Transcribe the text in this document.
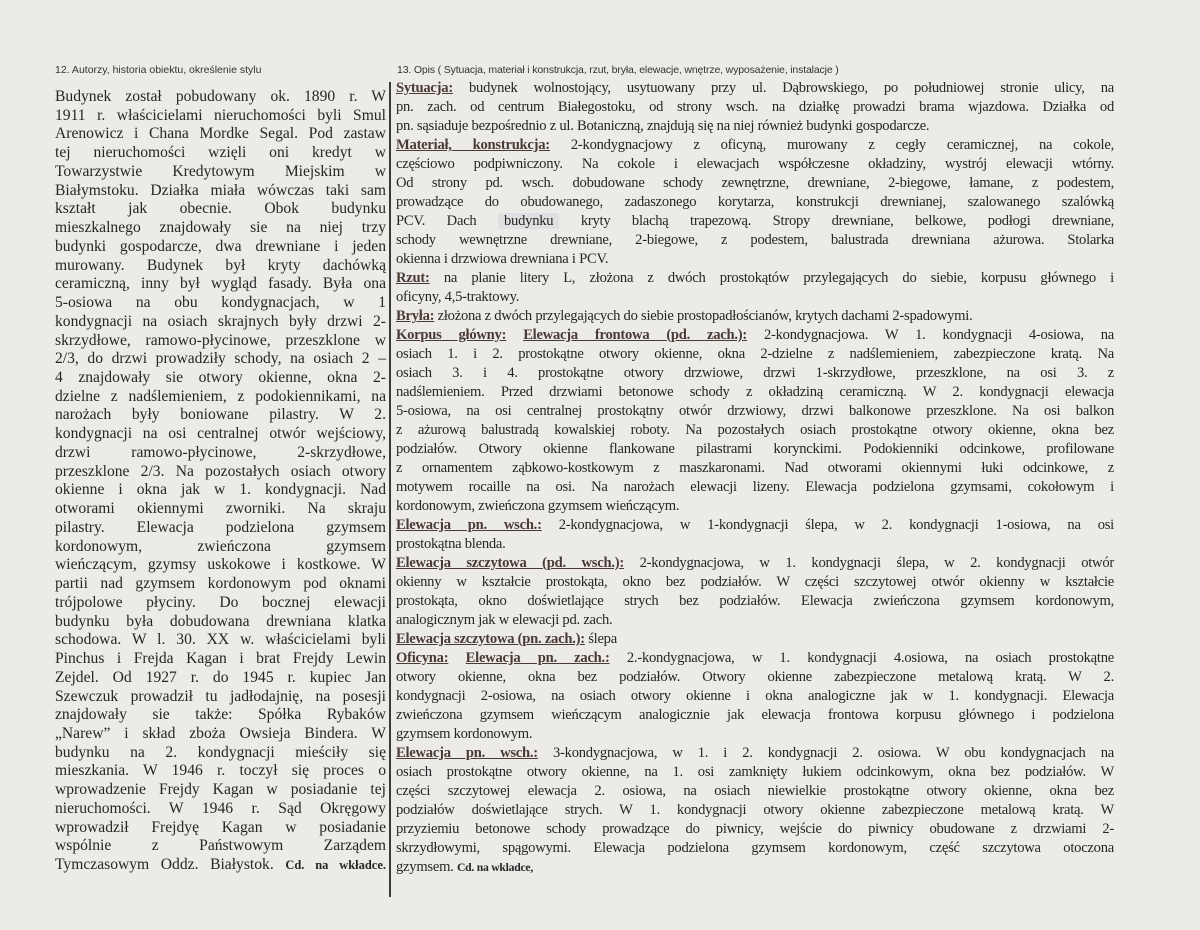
12. Autorzy, historia obiektu, określenie stylu	13. Opis ( Sytuacja, materiał i konstrukcja, rzut, bryła, elewacje, wnętrze, wyposażenie, instalacje )
Budynek został pobudowany ok. 1890 r. W
1911 r. właścicielami nieruchomości byli Smul
Arenowicz i Chana Mordke Segal. Pod zastaw
tej nieruchomości wzięli oni kredyt w
Towarzystwie Kredytowym Miejskim w
Białymstoku. Działka miała wówczas taki sam
kształt jak obecnie. Obok budynku
mieszkalnego znajdowały sie na niej trzy
budynki gospodarcze, dwa drewniane i jeden
murowany. Budynek był kryty dachówką
ceramiczną, inny był wygląd fasady. Była ona
5-osiowa na obu kondygnacjach, w 1
kondygnacji na osiach skrajnych były drzwi 2-
skrzydłowe, ramowo-płycinowe, przeszklone w
2/3, do drzwi prowadziły schody, na osiach 2 –
4 znajdowały sie otwory okienne, okna 2-
dzielne z nadślemieniem, z podokiennikami, na
narożach były boniowane pilastry. W 2.
kondygnacji na osi centralnej otwór wejściowy,
drzwi ramowo-płycinowe, 2-skrzydłowe,
przeszklone 2/3. Na pozostałych osiach otwory
okienne i okna jak w 1. kondygnacji. Nad
otworami okiennymi zworniki. Na skraju
pilastry. Elewacja podzielona gzymsem
kordonowym, zwieńczona gzymsem
wieńczącym, gzymsy uskokowe i kostkowe. W
partii nad gzymsem kordonowym pod oknami
trójpolowe płyciny. Do bocznej elewacji
budynku była dobudowana drewniana klatka
schodowa. W l. 30. XX w. właścicielami byli
Pinchus i Frejda Kagan i brat Frejdy Lewin
Zejdel. Od 1927 r. do 1945 r. kupiec Jan
Szewczuk prowadził tu jadłodajnię, na posesji
znajdowały sie także: Spółka Rybaków
„Narew” i skład zboża Owsieja Bindera. W
budynku na 2. kondygnacji mieściły się
mieszkania. W 1946 r. toczył się proces o
wprowadzenie Frejdy Kagan w posiadanie tej
nieruchomości. W 1946 r. Sąd Okręgowy
wprowadził Frejdyę Kagan w posiadanie
wspólnie z Państwowym Zarządem
Tymczasowym Oddz. Białystok. Cd. na wkładce.
Sytuacja: budynek wolnostojący, usytuowany przy ul. Dąbrowskiego, po południowej stronie ulicy, na
pn. zach. od centrum Białegostoku, od strony wsch. na działkę prowadzi brama wjazdowa. Działka od
pn. sąsiaduje bezpośrednio z ul. Botaniczną, znajdują się na niej również budynki gospodarcze.
Materiał, konstrukcja: 2-kondygnacjowy z oficyną, murowany z cegły ceramicznej, na cokole,
częściowo podpiwniczony. Na cokole i elewacjach współczesne okładziny, wystrój elewacji wtórny.
Od strony pd. wsch. dobudowane schody zewnętrzne, drewniane, 2-biegowe, łamane, z podestem,
prowadzące do obudowanego, zadaszonego korytarza, konstrukcji drewnianej, szalowanego szalówką
PCV. Dach budynku kryty blachą trapezową. Stropy drewniane, belkowe, podłogi drewniane,
schody wewnętrzne drewniane, 2-biegowe, z podestem, balustrada drewniana ażurowa. Stolarka
okienna i drzwiowa drewniana i PCV.
Rzut: na planie litery L, złożona z dwóch prostokątów przylegających do siebie, korpusu głównego i
oficyny, 4,5-traktowy.
Bryła: złożona z dwóch przylegających do siebie prostopadłościanów, krytych dachami 2-spadowymi.
Korpus główny: Elewacja frontowa (pd. zach.): 2-kondygnacjowa. W 1. kondygnacji 4-osiowa, na
osiach 1. i 2. prostokątne otwory okienne, okna 2-dzielne z nadślemieniem, zabezpieczone kratą. Na
osiach 3. i 4. prostokątne otwory drzwiowe, drzwi 1-skrzydłowe, przeszklone, na osi 3. z
nadślemieniem. Przed drzwiami betonowe schody z okładziną ceramiczną. W 2. kondygnacji elewacja
5-osiowa, na osi centralnej prostokątny otwór drzwiowy, drzwi balkonowe przeszklone. Na osi balkon
z ażurową balustradą kowalskiej roboty. Na pozostałych osiach prostokątne otwory okienne, okna bez
podziałów. Otwory okienne flankowane pilastrami korynckimi. Podokienniki odcinkowe, profilowane
z ornamentem ząbkowo-kostkowym z maszkaronami. Nad otworami okiennymi łuki odcinkowe, z
motywem rocaille na osi. Na narożach elewacji lizeny. Elewacja podzielona gzymsami, cokołowym i
kordonowym, zwieńczona gzymsem wieńczącym.
Elewacja pn. wsch.: 2-kondygnacjowa, w 1-kondygnacji ślepa, w 2. kondygnacji 1-osiowa, na osi
prostokątna blenda.
Elewacja szczytowa (pd. wsch.): 2-kondygnacjowa, w 1. kondygnacji ślepa, w 2. kondygnacji otwór
okienny w kształcie prostokąta, okno bez podziałów. W części szczytowej otwór okienny w kształcie
prostokąta, okno doświetlające strych bez podziałów. Elewacja zwieńczona gzymsem kordonowym,
analogicznym jak w elewacji pd. zach.
Elewacja szczytowa (pn. zach.): ślepa
Oficyna: Elewacja pn. zach.: 2.-kondygnacjowa, w 1. kondygnacji 4.osiowa, na osiach prostokątne
otwory okienne, okna bez podziałów. Otwory okienne zabezpieczone metalową kratą. W 2.
kondygnacji 2-osiowa, na osiach otwory okienne i okna analogiczne jak w 1. kondygnacji. Elewacja
zwieńczona gzymsem wieńczącym analogicznie jak elewacja frontowa korpusu głównego i podzielona
gzymsem kordonowym.
Elewacja pn. wsch.: 3-kondygnacjowa, w 1. i 2. kondygnacji 2. osiowa. W obu kondygnacjach na
osiach prostokątne otwory okienne, na 1. osi zamknięty łukiem odcinkowym, okna bez podziałów. W
części szczytowej elewacja 2. osiowa, na osiach niewielkie prostokątne otwory okienne, okna bez
podziałów doświetlające strych. W 1. kondygnacji otwory okienne zabezpieczone metalową kratą. W
przyziemiu betonowe schody prowadzące do piwnicy, wejście do piwnicy obudowane z drzwiami 2-
skrzydłowymi, spągowymi. Elewacja podzielona gzymsem kordonowym, część szczytowa otoczona
gzymsem. Cd. na wkladce,
